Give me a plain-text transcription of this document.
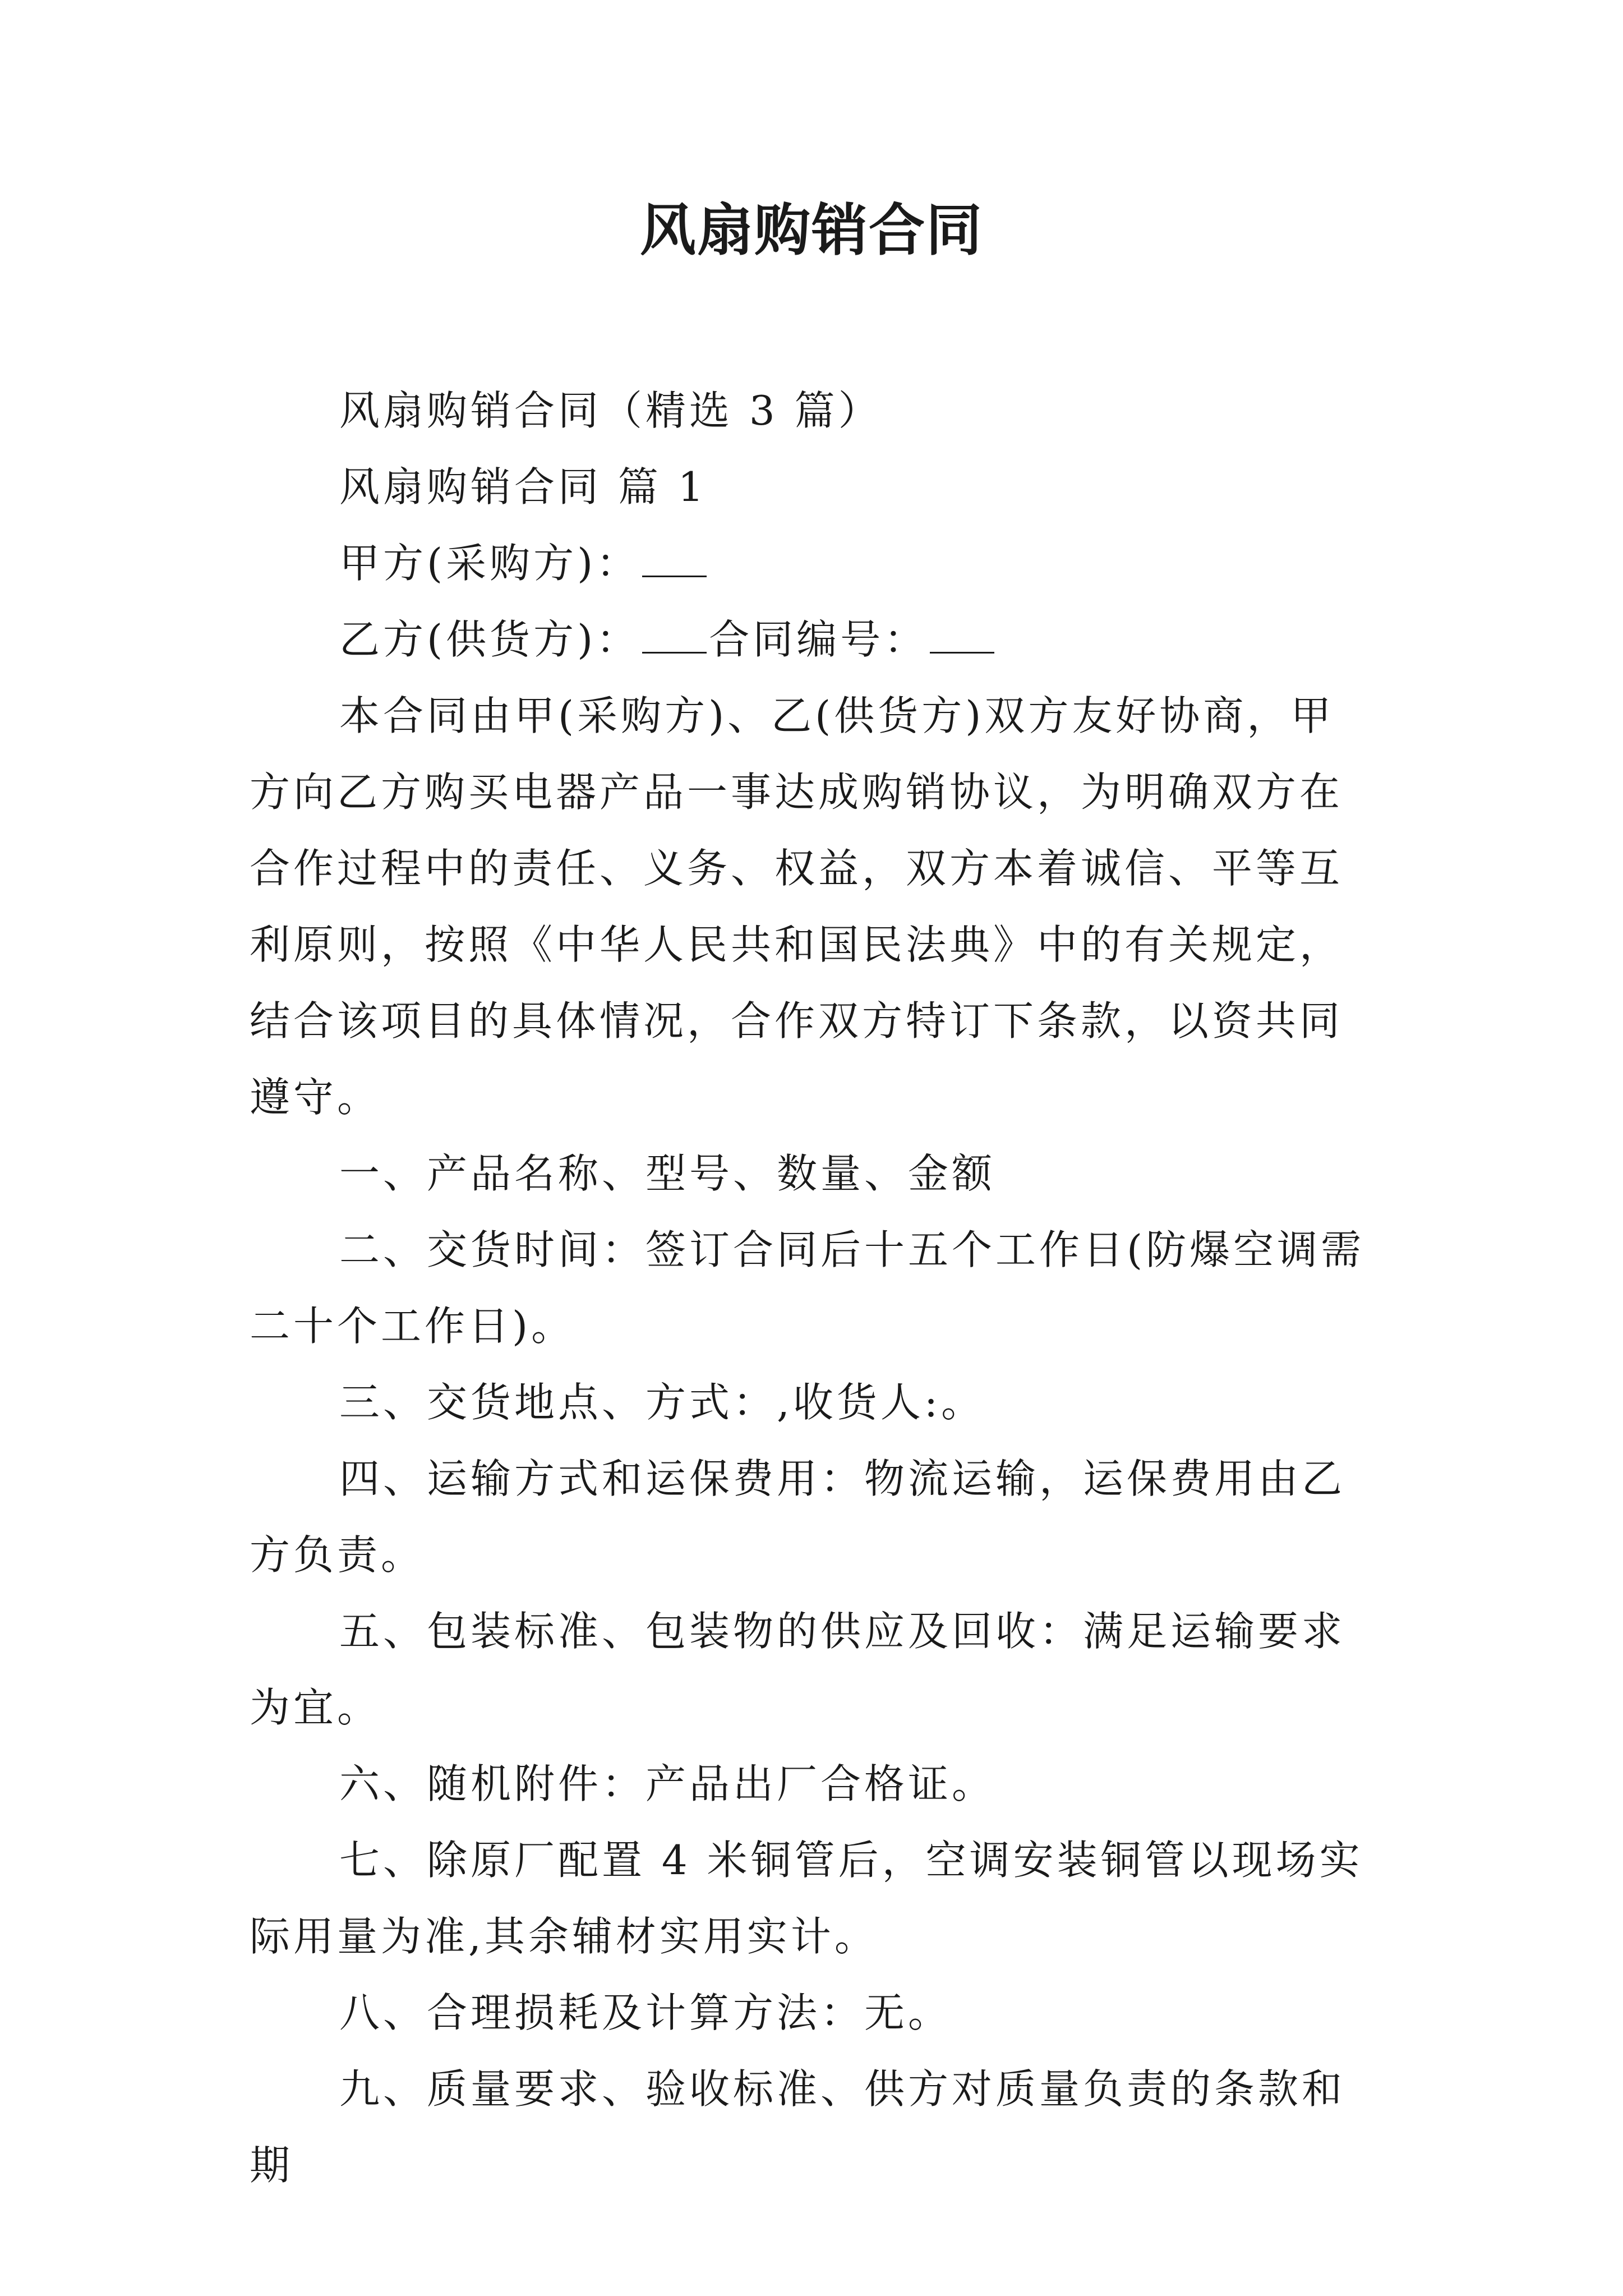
风扇购销合同

风扇购销合同（精选 3 篇）

风扇购销合同 篇 1

甲方(采购方)：

乙方(供货方)： 合同编号：

本合同由甲(采购方)、乙(供货方)双方友好协商，甲方向乙方购买电器产品一事达成购销协议，为明确双方在合作过程中的责任、义务、权益，双方本着诚信、平等互利原则，按照《中华人民共和国民法典》中的有关规定，结合该项目的具体情况，合作双方特订下条款，以资共同遵守。

一、产品名称、型号、数量、金额

二、交货时间：签订合同后十五个工作日(防爆空调需二十个工作日)。

三、交货地点、方式：,收货人:。

四、运输方式和运保费用：物流运输，运保费用由乙方负责。

五、包装标准、包装物的供应及回收：满足运输要求为宜。

六、随机附件：产品出厂合格证。

七、除原厂配置 4 米铜管后，空调安装铜管以现场实际用量为准,其余辅材实用实计。

八、合理损耗及计算方法：无。

九、质量要求、验收标准、供方对质量负责的条款和期
